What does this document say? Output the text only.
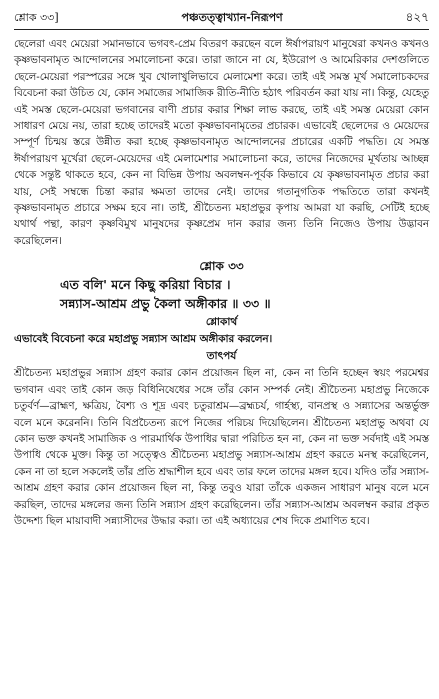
শ্লোক ৩৩]	পঞ্চতত্ত্বাখ্যান-নিরূপণ	৪২৭

ছেলেরা এবং মেয়েরা সমানভাবে ভগবৎ-প্রেম বিতরণ করছেন বলে ঈর্ষাপরায়ণ মানুষেরা কখনও কখনও কৃষ্ণভাবনামৃত আন্দোলনের সমালোচনা করে। তারা জানে না যে, ইউরোপ ও আমেরিকার দেশগুলিতে ছেলে-মেয়েরা পরস্পরের সঙ্গে খুব খোলাখুলিভাবে মেলামেশা করে। তাই এই সমস্ত মূর্খ সমালোচকদের বিবেচনা করা উচিত যে, কোন সমাজের সামাজিক রীতি-নীতি হঠাৎ পরিবর্তন করা যায় না। কিন্তু, যেহেতু এই সমস্ত ছেলে-মেয়েরা ভগবানের বাণী প্রচার করার শিক্ষা লাভ করছে, তাই এই সমস্ত মেয়েরা কোন সাধারণ মেয়ে নয়, তারা হচ্ছে তাদেরই মতো কৃষ্ণভাবনামৃতের প্রচারক। এভাবেই ছেলেদের ও মেয়েদের সম্পূর্ণ চিন্ময় স্তরে উন্নীত করা হচ্ছে কৃষ্ণভাবনামৃত আন্দোলনের প্রচারের একটি পদ্ধতি। যে সমস্ত ঈর্ষাপরায়ণ মূর্খেরা ছেলে-মেয়েদের এই মেলামেশার সমালোচনা করে, তাদের নিজেদের মূর্খতায় আচ্ছন্ন থেকে সন্তুষ্ট থাকতে হবে, কেন না বিভিন্ন উপায় অবলম্বন-পূর্বক কিভাবে যে কৃষ্ণভাবনামৃত প্রচার করা যায়, সেই সম্বন্ধে চিন্তা করার ক্ষমতা তাদের নেই। তাদের গতানুগতিক পদ্ধতিতে তারা কখনই কৃষ্ণভাবনামৃত প্রচারে সক্ষম হবে না। তাই, শ্রীচৈতন্য মহাপ্রভুর কৃপায় আমরা যা করছি, সেটিই হচ্ছে যথার্থ পন্থা, কারণ কৃষ্ণবিমুখ মানুষদের কৃষ্ণপ্রেম দান করার জন্য তিনি নিজেও উপায় উদ্ভাবন করেছিলেন।

শ্লোক ৩৩
এত বলি' মনে কিছু করিয়া বিচার ।
সন্ন্যাস-আশ্রম প্রভু কৈলা অঙ্গীকার ॥ ৩৩ ॥
শ্লোকার্থ
এভাবেই বিবেচনা করে মহাপ্রভু সন্ন্যাস আশ্রম অঙ্গীকার করলেন।
তাৎপর্য

শ্রীচৈতন্য মহাপ্রভুর সন্ন্যাস গ্রহণ করার কোন প্রয়োজন ছিল না, কেন না তিনি হচ্ছেন স্বয়ং পরমেশ্বর ভগবান এবং তাই কোন জড় বিধিনিষেধের সঙ্গে তাঁর কোন সম্পর্ক নেই। শ্রীচৈতন্য মহাপ্রভু নিজেকে চতুর্বর্ণ—ব্রাহ্মণ, ক্ষত্রিয়, বৈশ্য ও শূদ্র এবং চতুরাশ্রম—ব্রহ্মচর্য, গার্হস্থ্য, বানপ্রস্থ ও সন্ন্যাসের অন্তর্ভুক্ত বলে মনে করেননি। তিনি বিপ্রচৈতন্য রূপে নিজের পরিচয় দিয়েছিলেন। শ্রীচৈতন্য মহাপ্রভু অথবা যে কোন ভক্ত কখনই সামাজিক ও পারমার্থিক উপাধির দ্বারা পরিচিত হন না, কেন না ভক্ত সর্বদাই এই সমস্ত উপাধি থেকে মুক্ত। কিন্তু তা সত্ত্বেও শ্রীচৈতন্য মহাপ্রভু সন্ন্যাস-আশ্রম গ্রহণ করতে মনস্থ করেছিলেন, কেন না তা হলে সকলেই তাঁর প্রতি শ্রদ্ধাশীল হবে এবং তার ফলে তাদের মঙ্গল হবে। যদিও তাঁর সন্ন্যাস-আশ্রম গ্রহণ করার কোন প্রয়োজন ছিল না, কিন্তু তবুও যারা তাঁকে একজন সাধারণ মানুষ বলে মনে করছিল, তাদের মঙ্গলের জন্য তিনি সন্ন্যাস গ্রহণ করেছিলেন। তাঁর সন্ন্যাস-আশ্রম অবলম্বন করার প্রকৃত উদ্দেশ্য ছিল মায়াবাদী সন্ন্যাসীদের উদ্ধার করা। তা এই অধ্যায়ের শেষ দিকে প্রমাণিত হবে।
